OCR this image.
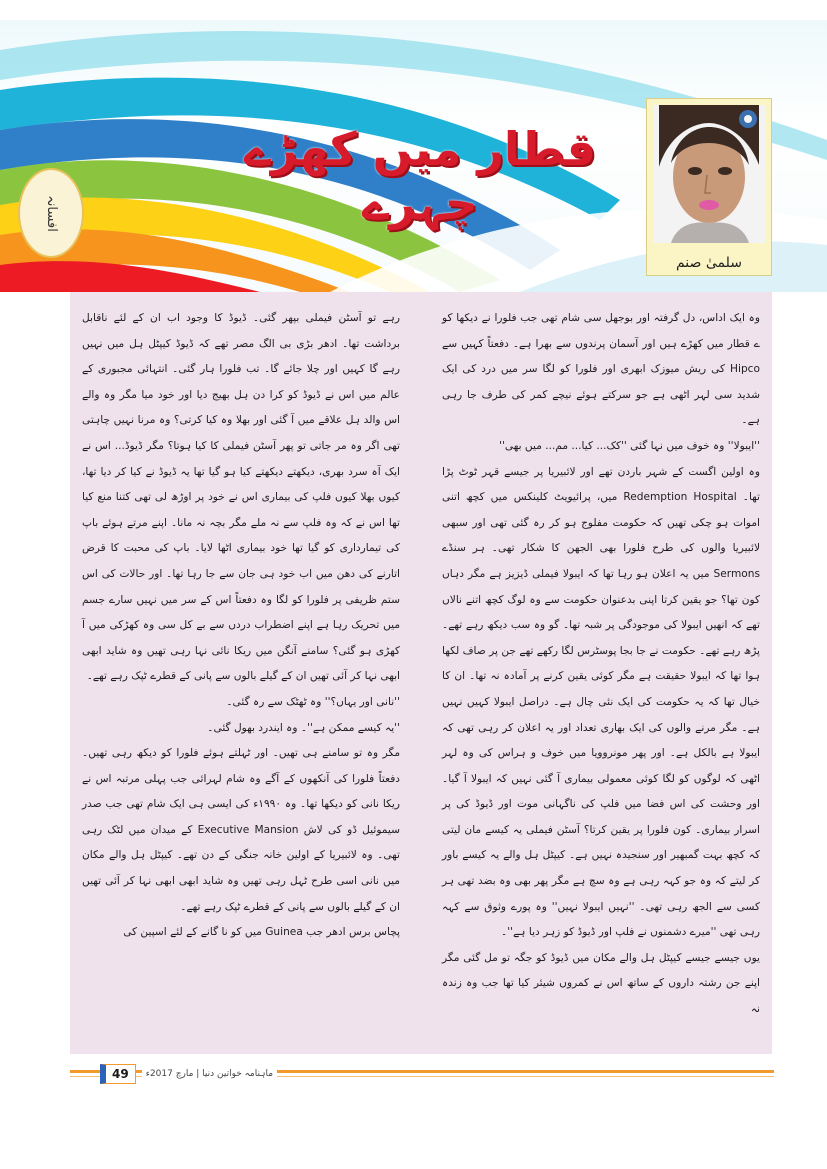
قطار میں کھڑے چہرے
افسانہ
سلمیٰ صنم

وہ ایک اداس، دل گرفتہ اور بوجھل سی شام تھی جب فلورا نے دیکھا کو ے قطار میں کھڑے ہیں اور آسمان پرندوں سے بھرا ہے۔ دفعتاً کہیں سے Hipco کی ریش میوزک ابھری اور فلورا کو لگا سر میں درد کی ایک شدید سی لہر اٹھی ہے جو سرکتے ہوئے نیچے کمر کی طرف جا رہی ہے۔

''ایبولا'' وہ خوف میں نہا گئی ''کک... کیا... مم... میں بھی''

وہ اولین اگست کے شہر باردن تھے اور لائبیریا پر جیسے قہر ٹوٹ پڑا تھا۔ Redemption Hospital میں، پرائیویٹ کلینکس میں کچھ اتنی اموات ہو چکی تھیں کہ حکومت مفلوج ہو کر رہ گئی تھی اور سبھی لائبیریا والوں کی طرح فلورا بھی الجھن کا شکار تھی۔ ہر سنڈے Sermons میں یہ اعلان ہو رہا تھا کہ ایبولا فیملی ڈیزیز ہے مگر دہاں کون تھا؟ جو یقین کرتا اپنی بدعنوان حکومت سے وہ لوگ کچھ اتنے نالاں تھے کہ انھیں ایبولا کی موجودگی پر شبہ تھا۔ گو وہ سب دیکھ رہے تھے۔ پڑھ رہے تھے۔ حکومت نے جا بجا پوسٹرس لگا رکھے تھے جن پر صاف لکھا ہوا تھا کہ ایبولا حقیقت ہے مگر کوئی یقین کرنے پر آمادہ نہ تھا۔ ان کا خیال تھا کہ یہ حکومت کی ایک نئی چال ہے۔ دراصل ایبولا کہیں نہیں ہے۔ مگر مرنے والوں کی ایک بھاری تعداد اور یہ اعلان کر رہی تھی کہ ایبولا ہے بالکل ہے۔ اور پھر مونروویا میں خوف و ہراس کی وہ لہر اٹھی کہ لوگوں کو لگا کوئی معمولی بیماری آ گئی نہیں کہ ایبولا آ گیا۔ اور وحشت کی اس فضا میں فلپ کی ناگہانی موت اور ڈیوڈ کی پر اسرار بیماری۔ کون فلورا پر یقین کرتا؟ آسٹن فیملی یہ کیسے مان لیتی کہ کچھ بہت گمبھیر اور سنجیدہ نہیں ہے۔ کیپٹل ہل والے یہ کیسے باور کر لیتے کہ وہ جو کہہ رہی ہے وہ سچ ہے مگر پھر بھی وہ بضد تھی ہر کسی سے الجھ رہی تھی۔ ''نہیں ایبولا نہیں'' وہ پورے وثوق سے کہہ رہی تھی ''میرے دشمنوں نے فلپ اور ڈیوڈ کو زہر دیا ہے''۔

یوں جیسے جیسے کیپٹل ہل والے مکان میں ڈیوڈ کو جگہ تو مل گئی مگر اپنے جن رشتہ داروں کے ساتھ اس نے کمروں شیئر کیا تھا جب وہ زندہ نہ

رہے تو آسٹن فیملی بپھر گئی۔ ڈیوڈ کا وجود اب ان کے لئے ناقابل برداشت تھا۔ ادھر بڑی بی الگ مصر تھے کہ ڈیوڈ کیپٹل ہل میں نہیں رہے گا کہیں اور چلا جائے گا۔ تب فلورا ہار گئی۔ انتہائی مجبوری کے عالم میں اس نے ڈیوڈ کو کرا دن ہل بھیج دیا اور خود میا مگر وہ والے اس والد ہل علاقے میں آ گئی اور بھلا وہ کیا کرتی؟ وہ مرنا نہیں چاہتی تھی اگر وہ مر جاتی تو پھر آسٹن فیملی کا کیا ہوتا؟ مگر ڈیوڈ... اس نے ایک آہ سرد بھری، دیکھتے دیکھتے کیا ہو گیا تھا یہ ڈیوڈ نے کیا کر دیا تھا، کیوں بھلا کیوں فلپ کی بیماری اس نے خود پر اوڑھ لی تھی کتنا منع کیا تھا اس نے کہ وہ فلپ سے نہ ملے مگر بچہ نہ مانا۔ اپنے مرتے ہوئے باپ کی تیمارداری کو گیا تھا خود بیماری اٹھا لایا۔ باپ کی محبت کا قرض اتارنے کی دھن میں اب خود ہی جان سے جا رہا تھا۔ اور حالات کی اس ستم ظریفی پر فلورا کو لگا وہ دفعتاً اس کے سر میں نہیں سارے جسم میں تحریک رہا ہے اپنے اضطراب دردں سے بے کل سی وہ کھڑکی میں آ کھڑی ہو گئی؟ سامنے آنگن میں ریکا نائی نہا رہی تھیں وہ شاید ابھی ابھی نہا کر آئی تھیں ان کے گیلے بالوں سے پانی کے قطرے ٹپک رہے تھے۔

''نانی اور یہاں؟'' وہ ٹھٹک سے رہ گئی۔

''یہ کیسے ممکن ہے''۔ وہ ایندرد بھول گئی۔

مگر وہ تو سامنے ہی تھیں۔ اور ٹہلتے ہوئے فلورا کو دیکھ رہی تھیں۔ دفعتاً فلورا کی آنکھوں کے آگے وہ شام لہرائی جب پہلی مرتبہ اس نے ریکا نانی کو دیکھا تھا۔ وہ ۱۹۹۰ء کی ایسی ہی ایک شام تھی جب صدر سیموئیل ڈو کی لاش Executive Mansion کے میدان میں لٹک رہی تھی۔ وہ لائبیریا کے اولین خانہ جنگی کے دن تھے۔ کیپٹل ہل والے مکان میں نانی اسی طرح ٹہل رہی تھیں وہ شاید ابھی ابھی نہا کر آئی تھیں ان کے گیلے بالوں سے پانی کے قطرے ٹپک رہے تھے۔

پچاس برس ادھر جب Guinea میں کو نا گانے کے لئے اسپین کی

49	ماہنامہ خواتین دنیا | مارچ 2017ء
